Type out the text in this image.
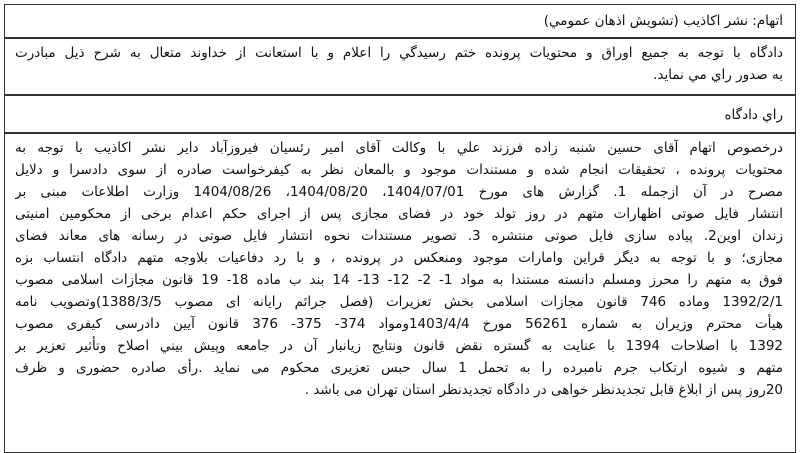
اتهام: نشر اکاذیب (تشویش اذهان عمومي)
دادگاه با توجه به جميع اوراق و محتويات پرونده ختم رسيدگي را اعلام و با استعانت از خداوند متعال به شرح ذيل مبادرت
به صدور راي مي نمايد.
راي دادگاه
درخصوص اتهام آقای حسین شنبه زاده فرزند علي با وکالت آقای امیر رئسیان فیروزآباد داير نشر اکاذيب با توجه به
محتويات پرونده ، تحقيقات انجام شده و مستندات موجود و بالمعان نظر به کيفرخواست صادره از سوی دادسرا و دلايل
مصرح در آن ازجمله 1. گزارش های مورخ 1404/07/01، 1404/08/20، 1404/08/26 وزارت اطلاعات مبنی بر
انتشار فایل صوتی اظهارات متهم در روز تولد خود در فضای مجازی پس از اجرای حکم اعدام برخی از محکومین امنیتی
زندان اوین2. پیاده سازی فایل صوتی منتشره 3. تصویر مستندات نحوه انتشار فایل صوتی در رسانه های معاند فضای
مجازی؛ و با توجه به ديگر قراين وامارات موجود ومنعکس در پرونده ، و با رد دفاعيات بلاوجه متهم دادگاه انتساب بزه
فوق به متهم را محرز ومسلم دانسته مستندا به مواد 1- 2- 12- 13- 14 بند ب ماده 18- 19 قانون مجازات اسلامی مصوب
1392/2/1 وماده 746 قانون مجازات اسلامی بخش تعزیرات (فصل جرائم رایانه ای مصوب 1388/3/5)وتصويب نامه
هيأت محترم وزيران به شماره 56261 مورخ 1403/4/4ومواد 374- 375- 376 قانون آيين دادرسی کيفری مصوب
1392 با اصلاحات 1394 با عنايت به گستره نقض قانون ونتايج زيانبار آن در جامعه وپيش بيني اصلاح وتأثير تعزير بر
متهم و شيوه ارتکاب جرم نامبرده را به تحمل 1 سال حبس تعزيری محکوم می نمايد .رأی صادره حضوری و ظرف
20روز پس از ابلاغ قابل تجديدنظر خواهی در دادگاه تجديدنظر استان تهران می باشد .
